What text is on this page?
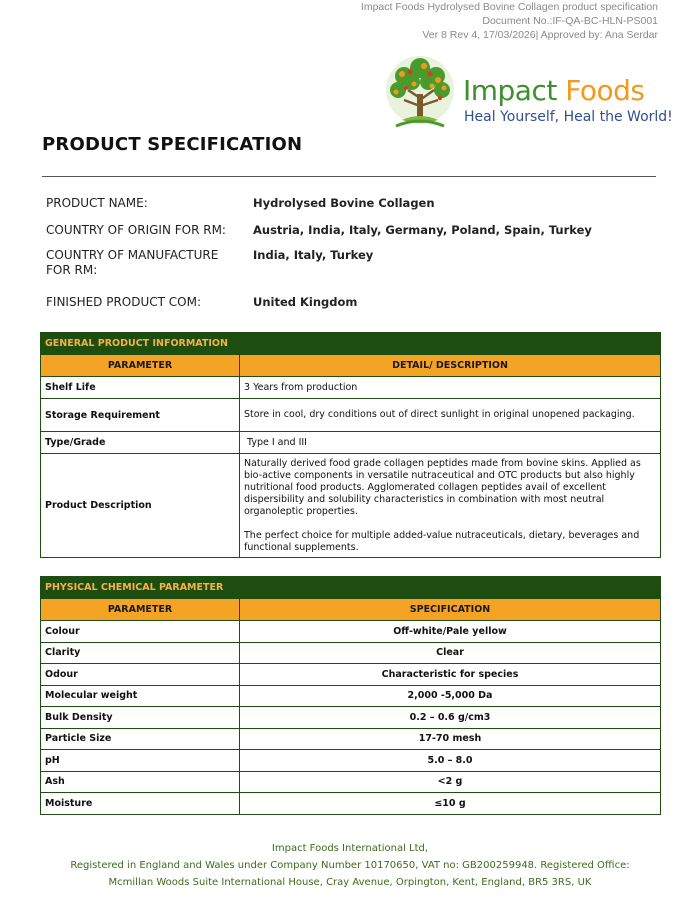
Impact Foods Hydrolysed Bovine Collagen product specification
Document No.:IF-QA-BC-HLN-PS001
Ver 8 Rev 4, 17/03/2026| Approved by: Ana Serdar
Impact Foods
Heal Yourself, Heal the World!
PRODUCT SPECIFICATION
PRODUCT NAME:	Hydrolysed Bovine Collagen
COUNTRY OF ORIGIN FOR RM:	Austria, India, Italy, Germany, Poland, Spain, Turkey
COUNTRY OF MANUFACTURE FOR RM:
India, Italy, Turkey
FINISHED PRODUCT COM:	United Kingdom
GENERAL PRODUCT INFORMATION	
PARAMETER	DETAIL/ DESCRIPTION
Shelf Life	3 Years from production
Storage Requirement	Store in cool, dry conditions out of direct sunlight in original unopened packaging.
Type/Grade	Type I and III
Product Description	Naturally derived food grade collagen peptides made from bovine skins. Applied as bio-active components in versatile nutraceutical and OTC products but also highly nutritional food products. Agglomerated collagen peptides avail of excellent dispersibility and solubility characteristics in combination with most neutral organoleptic properties.
The perfect choice for multiple added-value nutraceuticals, dietary, beverages and functional supplements.
PHYSICAL CHEMICAL PARAMETER	
PARAMETER	SPECIFICATION
Colour	Off-white/Pale yellow
Clarity	Clear
Odour	Characteristic for species
Molecular weight	2,000 -5,000 Da
Bulk Density	0.2 – 0.6 g/cm3
Particle Size	17-70 mesh
pH	5.0 – 8.0
Ash	<2 g
Moisture	≤10 g
Impact Foods International Ltd,
Registered in England and Wales under Company Number 10170650, VAT no: GB200259948. Registered Office:
Mcmillan Woods Suite International House, Cray Avenue, Orpington, Kent, England, BR5 3RS, UK
